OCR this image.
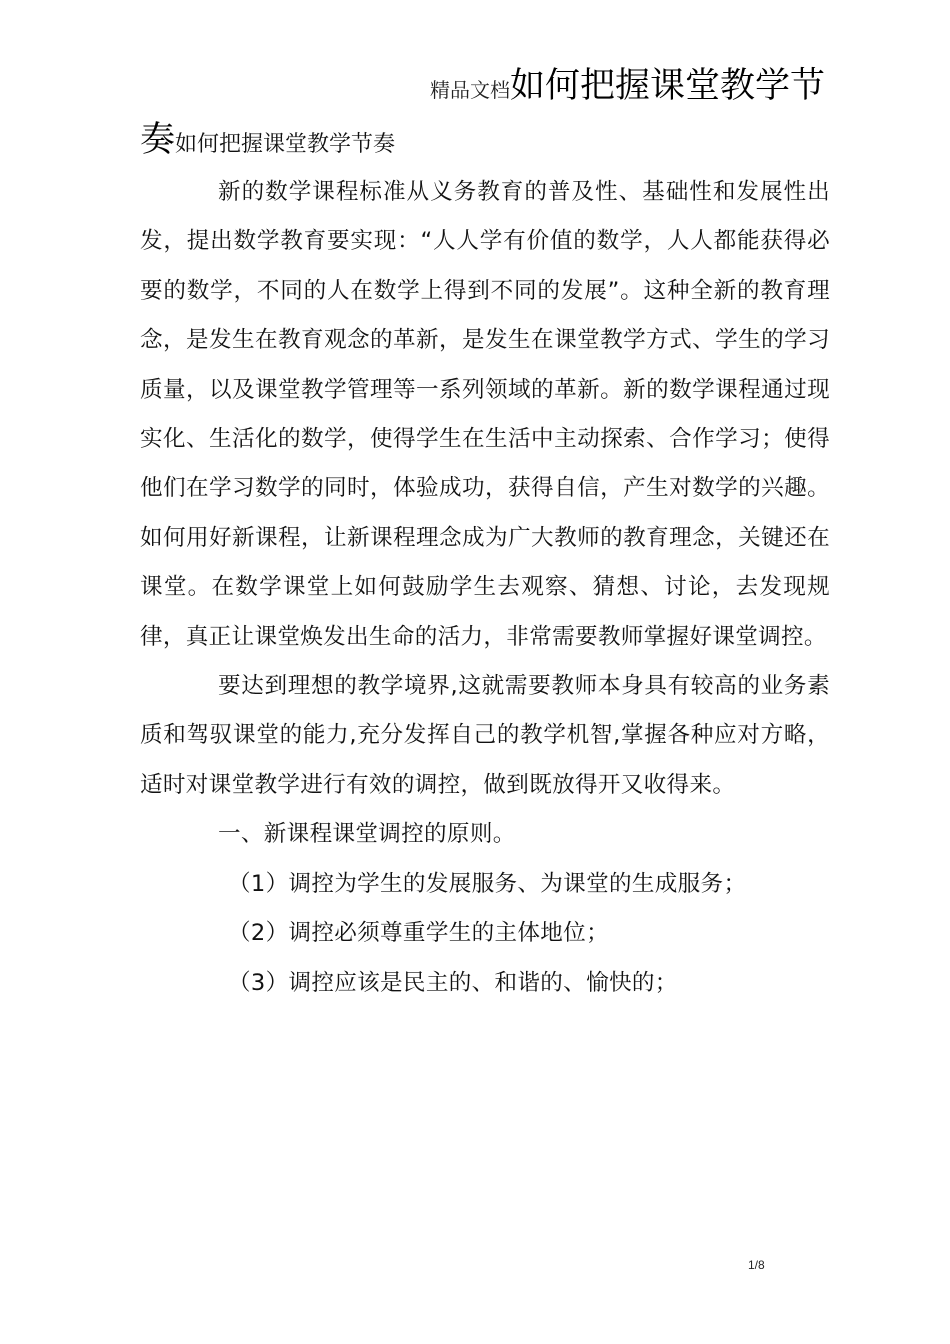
精品文档如何把握课堂教学节
奏如何把握课堂教学节奏

新的数学课程标准从义务教育的普及性、基础性和发展性出发，提出数学教育要实现：“人人学有价值的数学，人人都能获得必要的数学，不同的人在数学上得到不同的发展”。这种全新的教育理念，是发生在教育观念的革新，是发生在课堂教学方式、学生的学习质量，以及课堂教学管理等一系列领域的革新。新的数学课程通过现实化、生活化的数学，使得学生在生活中主动探索、合作学习；使得他们在学习数学的同时，体验成功，获得自信，产生对数学的兴趣。如何用好新课程，让新课程理念成为广大教师的教育理念，关键还在课堂。在数学课堂上如何鼓励学生去观察、猜想、讨论，去发现规律，真正让课堂焕发出生命的活力，非常需要教师掌握好课堂调控。

要达到理想的教学境界,这就需要教师本身具有较高的业务素质和驾驭课堂的能力,充分发挥自己的教学机智,掌握各种应对方略，适时对课堂教学进行有效的调控，做到既放得开又收得来。

一、新课程课堂调控的原则。

（1）调控为学生的发展服务、为课堂的生成服务；

（2）调控必须尊重学生的主体地位；

（3）调控应该是民主的、和谐的、愉快的；

1/8
